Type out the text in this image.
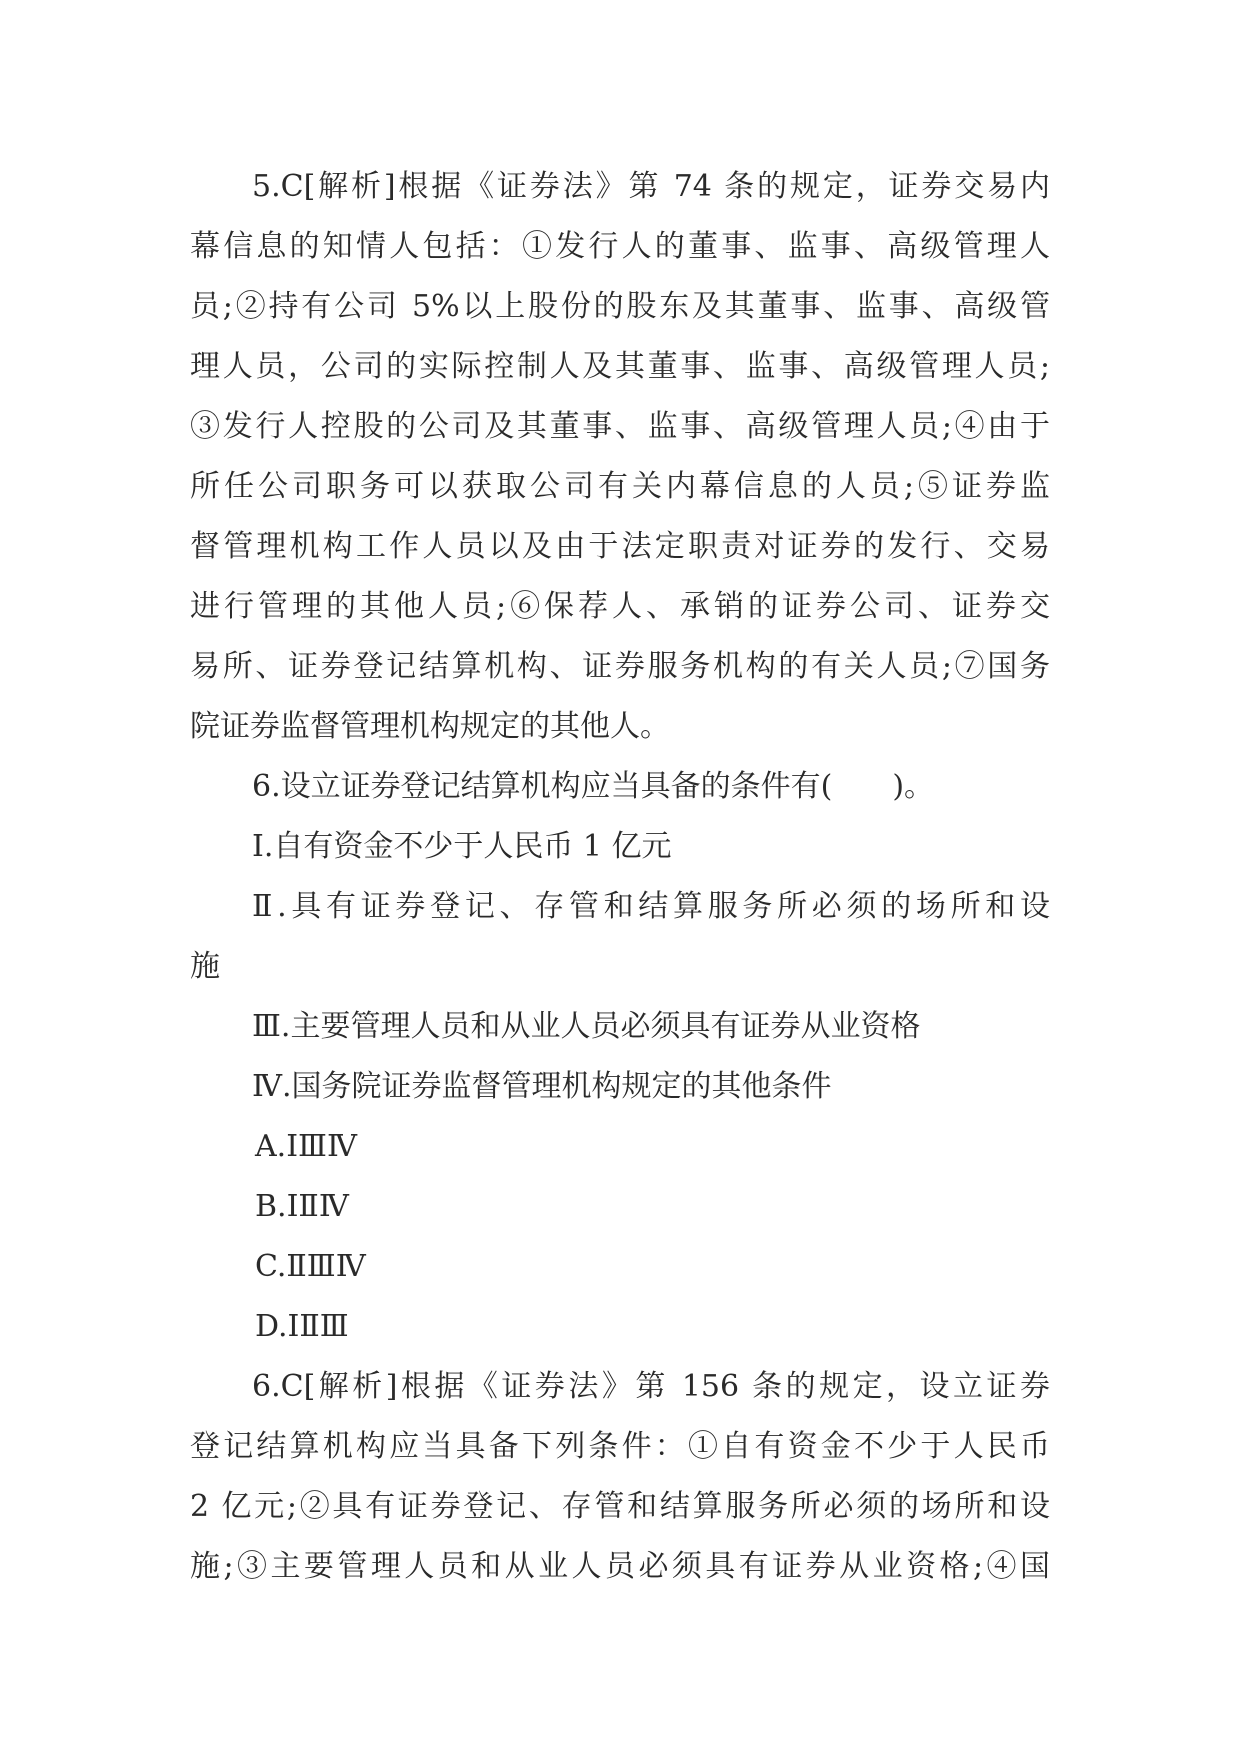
5.C[解析]根据《证券法》第 74 条的规定，证券交易内

幕信息的知情人包括：①发行人的董事、监事、高级管理人

员;②持有公司 5%以上股份的股东及其董事、监事、高级管

理人员，公司的实际控制人及其董事、监事、高级管理人员;

③发行人控股的公司及其董事、监事、高级管理人员;④由于

所任公司职务可以获取公司有关内幕信息的人员;⑤证券监

督管理机构工作人员以及由于法定职责对证券的发行、交易

进行管理的其他人员;⑥保荐人、承销的证券公司、证券交

易所、证券登记结算机构、证券服务机构的有关人员;⑦国务

院证券监督管理机构规定的其他人。

6.设立证券登记结算机构应当具备的条件有(　　)。

Ⅰ.自有资金不少于人民币 1 亿元

Ⅱ.具有证券登记、存管和结算服务所必须的场所和设

施

Ⅲ.主要管理人员和从业人员必须具有证券从业资格

Ⅳ.国务院证券监督管理机构规定的其他条件

A.ⅠⅢⅣ

B.ⅠⅡⅣ

C.ⅡⅢⅣ

D.ⅠⅡⅢ

6.C[解析]根据《证券法》第 156 条的规定，设立证券

登记结算机构应当具备下列条件：①自有资金不少于人民币

2 亿元;②具有证券登记、存管和结算服务所必须的场所和设

施;③主要管理人员和从业人员必须具有证券从业资格;④国
